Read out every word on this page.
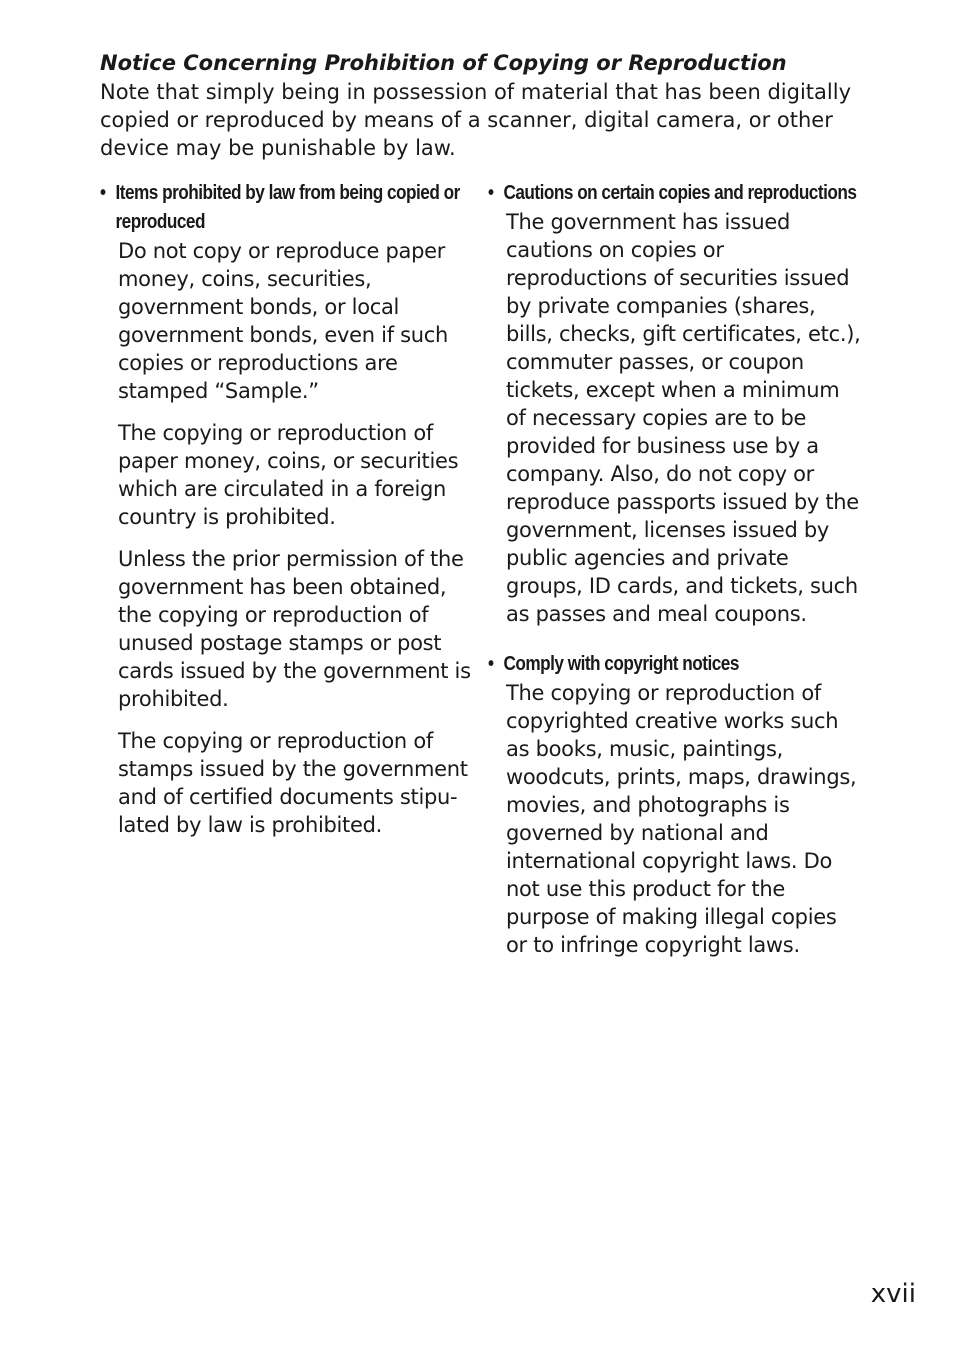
Notice Concerning Prohibition of Copying or Reproduction

Note that simply being in possession of material that has been digitally copied or reproduced by means of a scanner, digital camera, or other device may be punishable by law.

• Items prohibited by law from being copied or reproduced

Do not copy or reproduce paper money, coins, securities, government bonds, or local government bonds, even if such copies or reproductions are stamped “Sample.”

The copying or reproduction of paper money, coins, or securities which are circulated in a foreign country is prohibited.

Unless the prior permission of the government has been obtained, the copying or reproduction of unused postage stamps or post cards issued by the government is prohibited.

The copying or reproduction of stamps issued by the government and of certified documents stipu-lated by law is prohibited.

• Cautions on certain copies and reproductions

The government has issued cautions on copies or reproductions of securities issued by private companies (shares, bills, checks, gift certificates, etc.), commuter passes, or coupon tickets, except when a minimum of necessary copies are to be provided for business use by a company. Also, do not copy or reproduce passports issued by the government, licenses issued by public agencies and private groups, ID cards, and tickets, such as passes and meal coupons.

• Comply with copyright notices

The copying or reproduction of copyrighted creative works such as books, music, paintings, woodcuts, prints, maps, drawings, movies, and photographs is governed by national and international copyright laws. Do not use this product for the purpose of making illegal copies or to infringe copyright laws.

xvii
